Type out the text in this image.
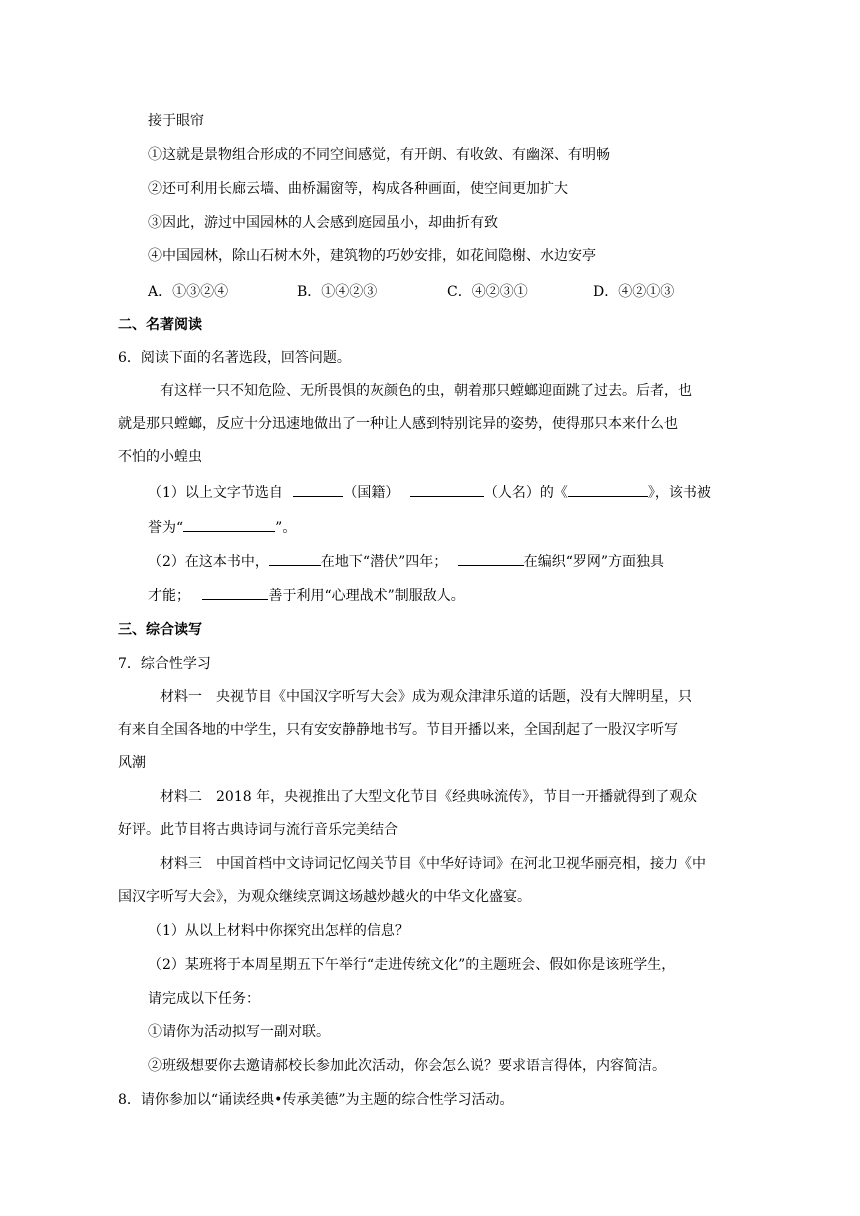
接于眼帘
①这就是景物组合形成的不同空间感觉，有开朗、有收敛、有幽深、有明畅
②还可利用长廊云墙、曲桥漏窗等，构成各种画面，使空间更加扩大
③因此，游过中国园林的人会感到庭园虽小，却曲折有致
④中国园林，除山石树木外，建筑物的巧妙安排，如花间隐榭、水边安亭
A．①③②④	B．①④②③	C．④②③①	D．④②①③
二、名著阅读
6．阅读下面的名著选段，回答问题。
有这样一只不知危险、无所畏惧的灰颜色的虫，朝着那只螳螂迎面跳了过去。后者，也
就是那只螳螂，反应十分迅速地做出了一种让人感到特别诧异的姿势，使得那只本来什么也
不怕的小蝗虫
（1）以上文字节选自	（国籍）	（人名）的《	》，该书被
誉为“	”。
（2）在这本书中，	在地下“潜伏”四年；	在编织“罗网”方面独具
才能；	善于利用“心理战术”制服敌人。
三、综合读写
7．综合性学习
材料一　央视节目《中国汉字听写大会》成为观众津津乐道的话题，没有大牌明星，只
有来自全国各地的中学生，只有安安静静地书写。节目开播以来，全国刮起了一股汉字听写
风潮
材料二　2018 年，央视推出了大型文化节目《经典咏流传》，节目一开播就得到了观众
好评。此节目将古典诗词与流行音乐完美结合
材料三　中国首档中文诗词记忆闯关节目《中华好诗词》在河北卫视华丽亮相，接力《中
国汉字听写大会》，为观众继续烹调这场越炒越火的中华文化盛宴。
（1）从以上材料中你探究出怎样的信息？
（2）某班将于本周星期五下午举行“走进传统文化”的主题班会、假如你是该班学生，
请完成以下任务：
①请你为活动拟写一副对联。
②班级想要你去邀请郝校长参加此次活动，你会怎么说？要求语言得体，内容简洁。
8．请你参加以“诵读经典•传承美德”为主题的综合性学习活动。
